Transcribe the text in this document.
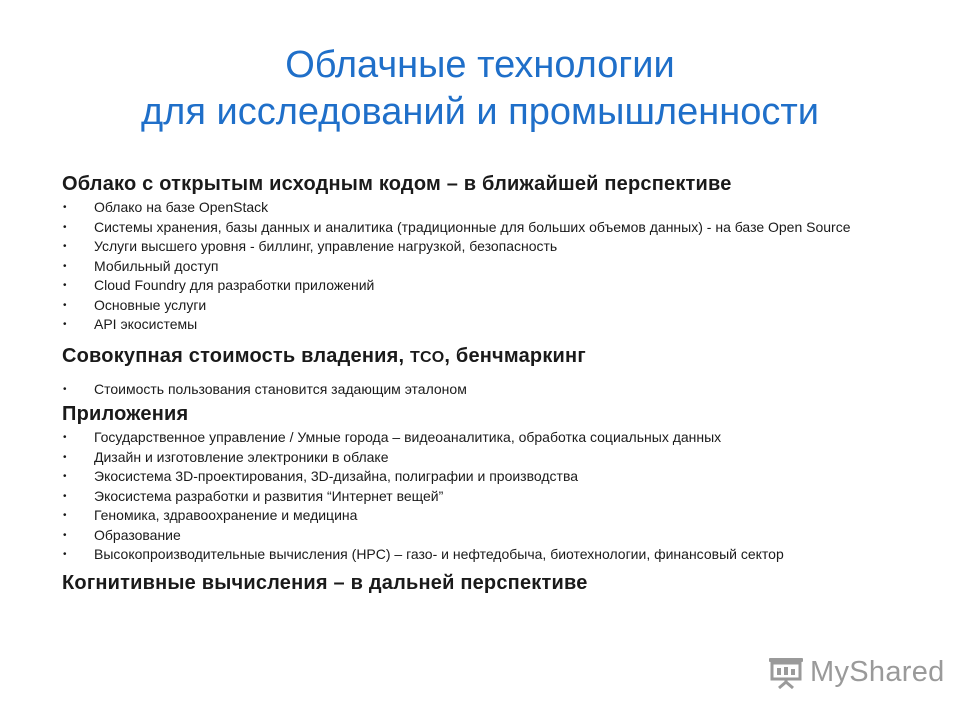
Облачные технологии
для исследований и промышленности
Облако с открытым исходным кодом – в ближайшей перспективе
• Облако на базе OpenStack
• Системы хранения, базы данных и аналитика (традиционные для больших объемов данных) - на базе Open Source
• Услуги высшего уровня - биллинг, управление нагрузкой, безопасность
• Мобильный доступ
• Cloud Foundry для разработки приложений
• Основные услуги
• API экосистемы
Совокупная стоимость владения, TCO, бенчмаркинг
• Стоимость пользования становится задающим эталоном
Приложения
• Государственное управление / Умные города – видеоаналитика, обработка социальных данных
• Дизайн и изготовление электроники в облаке
• Экосистема 3D-проектирования, 3D-дизайна, полиграфии и производства
• Экосистема разработки и развития “Интернет вещей”
• Геномика, здравоохранение и медицина
• Образование
• Высокопроизводительные вычисления (HPC) – газо- и нефтедобыча, биотехнологии, финансовый сектор
Когнитивные вычисления – в дальней перспективе
MyShared
